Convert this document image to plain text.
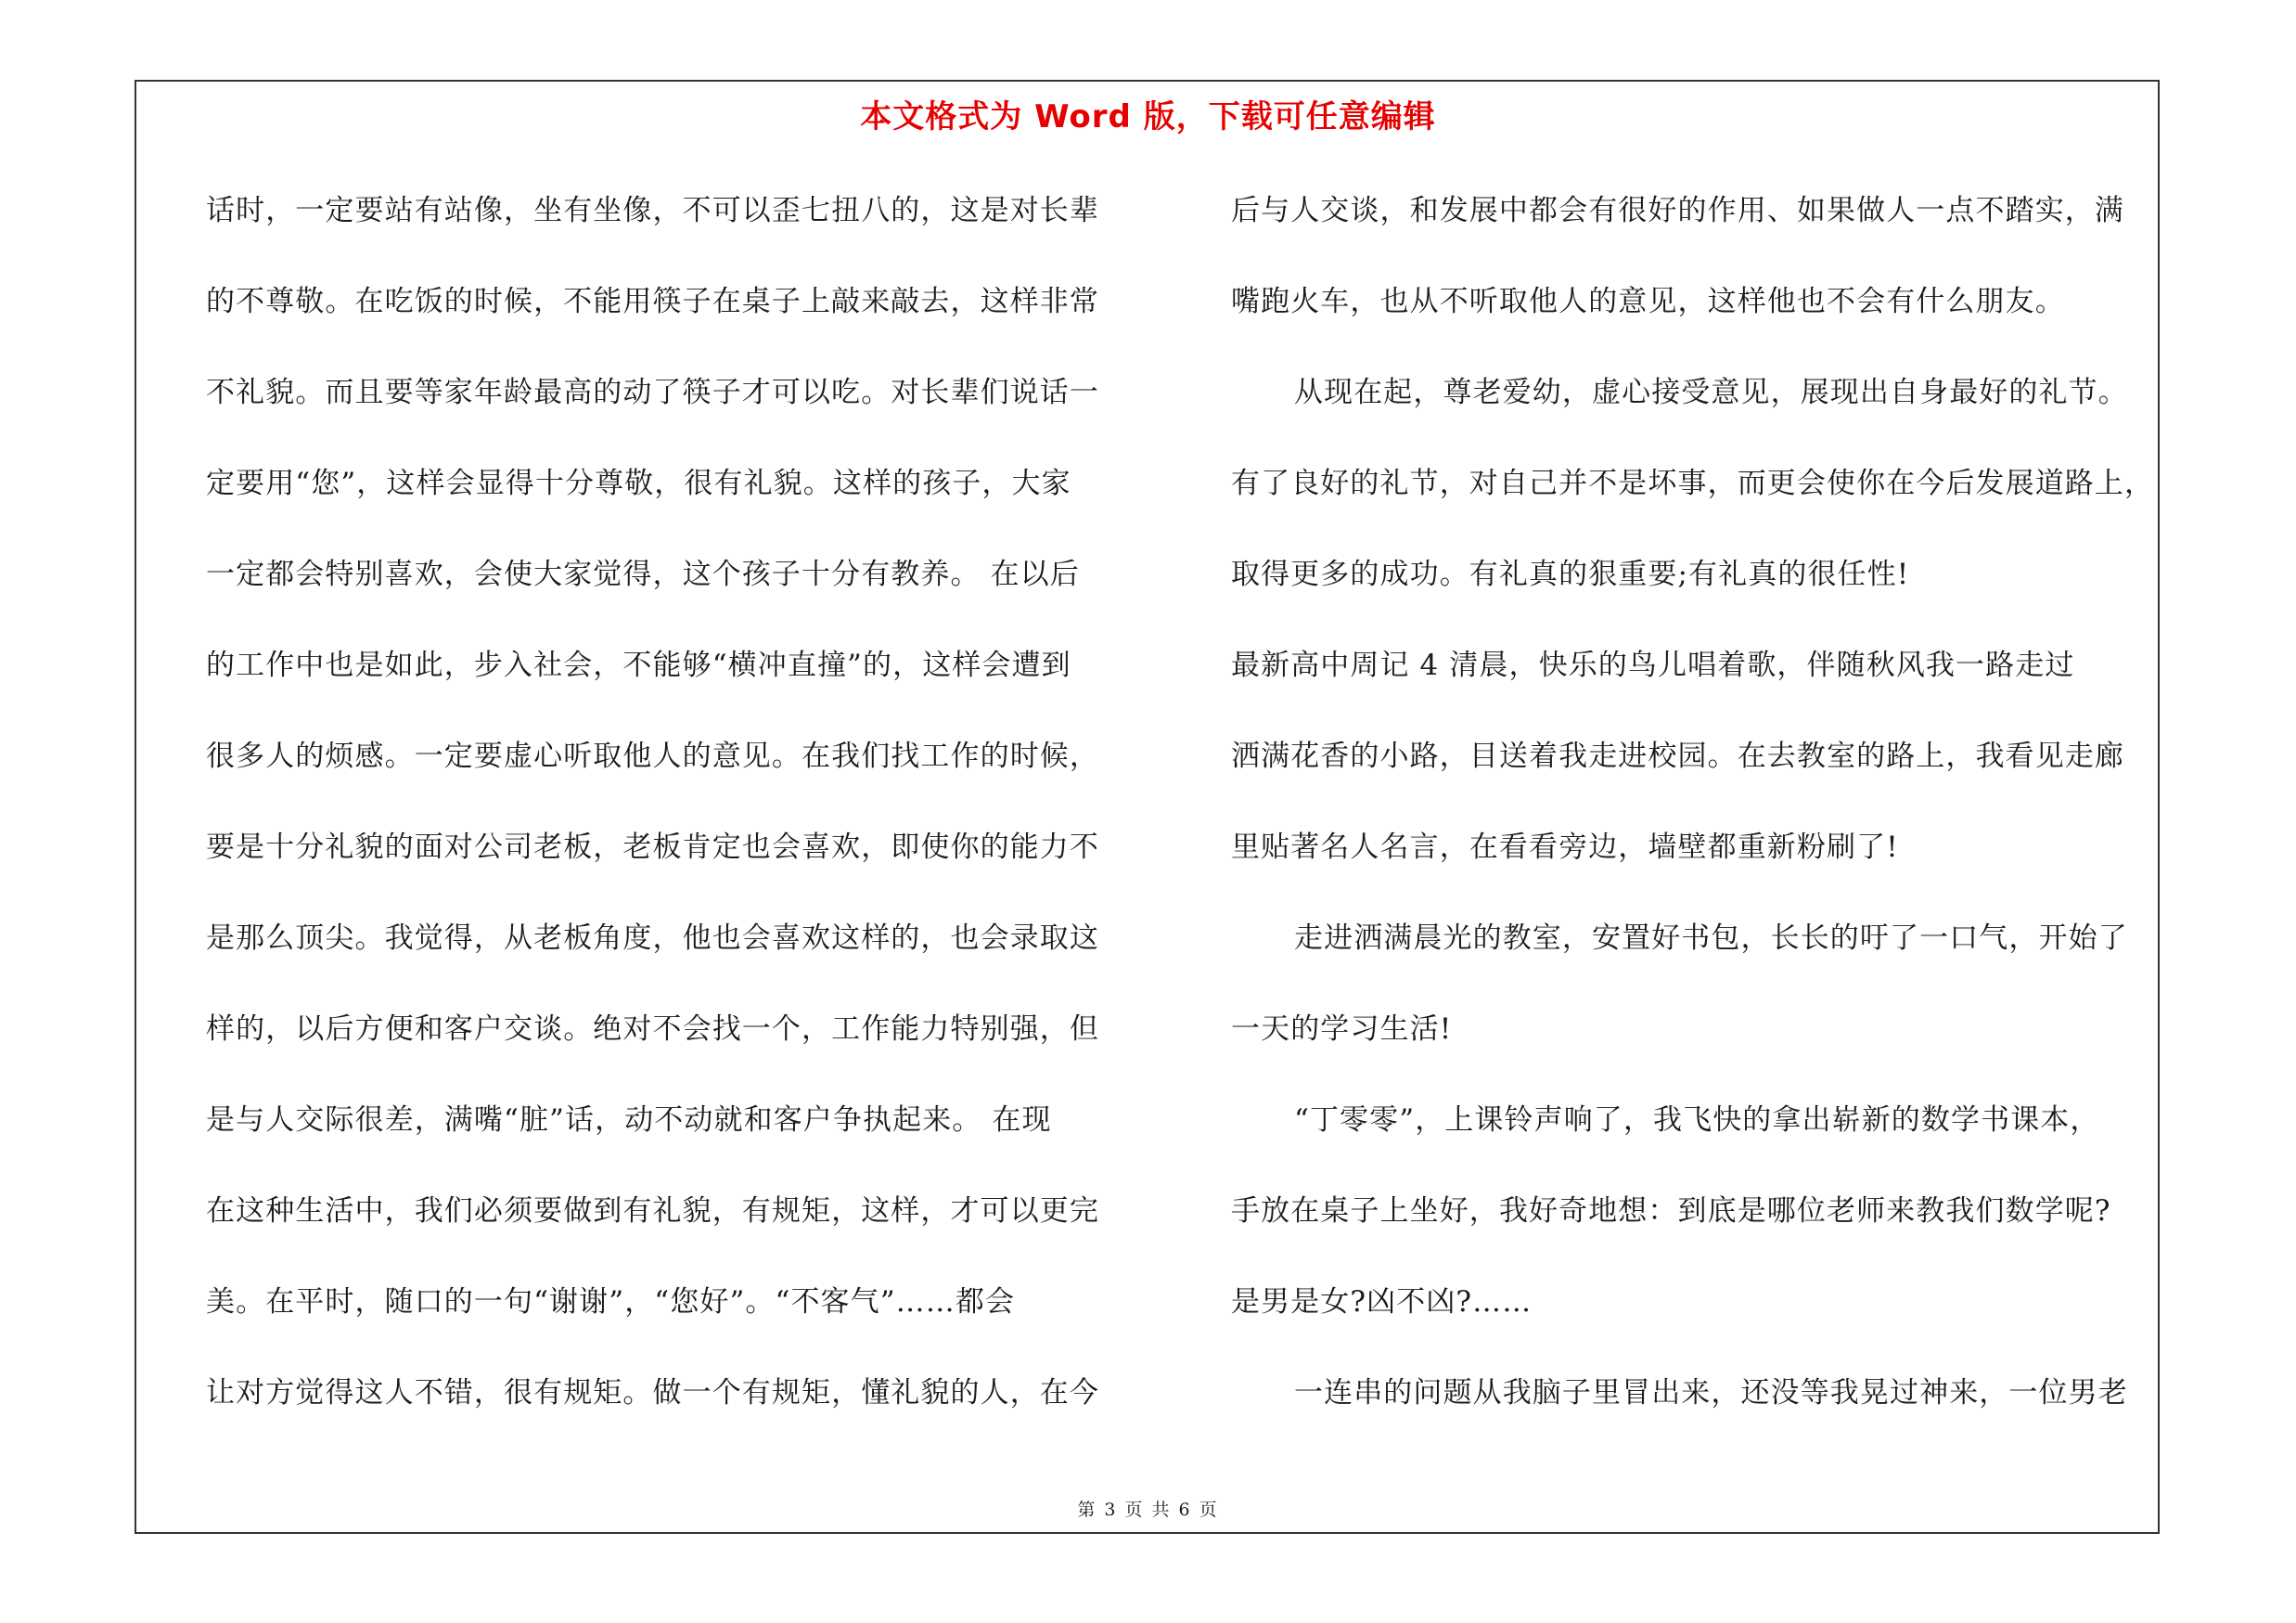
本文格式为 Word 版，下载可任意编辑
话时，一定要站有站像，坐有坐像，不可以歪七扭八的，这是对长辈
的不尊敬。在吃饭的时候，不能用筷子在桌子上敲来敲去，这样非常
不礼貌。而且要等家年龄最高的动了筷子才可以吃。对长辈们说话一
定要用“您”，这样会显得十分尊敬，很有礼貌。这样的孩子，大家
一定都会特别喜欢，会使大家觉得，这个孩子十分有教养。 在以后
的工作中也是如此，步入社会，不能够“横冲直撞”的，这样会遭到
很多人的烦感。一定要虚心听取他人的意见。在我们找工作的时候，
要是十分礼貌的面对公司老板，老板肯定也会喜欢，即使你的能力不
是那么顶尖。我觉得，从老板角度，他也会喜欢这样的，也会录取这
样的，以后方便和客户交谈。绝对不会找一个，工作能力特别强，但
是与人交际很差，满嘴“脏”话，动不动就和客户争执起来。 在现
在这种生活中，我们必须要做到有礼貌，有规矩，这样，才可以更完
美。在平时，随口的一句“谢谢”，“您好”。“不客气”……都会
让对方觉得这人不错，很有规矩。做一个有规矩，懂礼貌的人，在今
后与人交谈，和发展中都会有很好的作用、如果做人一点不踏实，满
嘴跑火车，也从不听取他人的意见，这样他也不会有什么朋友。
从现在起，尊老爱幼，虚心接受意见，展现出自身最好的礼节。
有了良好的礼节，对自己并不是坏事，而更会使你在今后发展道路上，
取得更多的成功。有礼真的狠重要;有礼真的很任性!
最新高中周记 4 清晨，快乐的鸟儿唱着歌，伴随秋风我一路走过
洒满花香的小路，目送着我走进校园。在去教室的路上，我看见走廊
里贴著名人名言，在看看旁边，墙壁都重新粉刷了!
走进洒满晨光的教室，安置好书包，长长的吁了一口气，开始了
一天的学习生活!
“丁零零”，上课铃声响了，我飞快的拿出崭新的数学书课本，
手放在桌子上坐好，我好奇地想：到底是哪位老师来教我们数学呢?
是男是女?凶不凶?……
一连串的问题从我脑子里冒出来，还没等我晃过神来，一位男老
第 3 页 共 6 页
